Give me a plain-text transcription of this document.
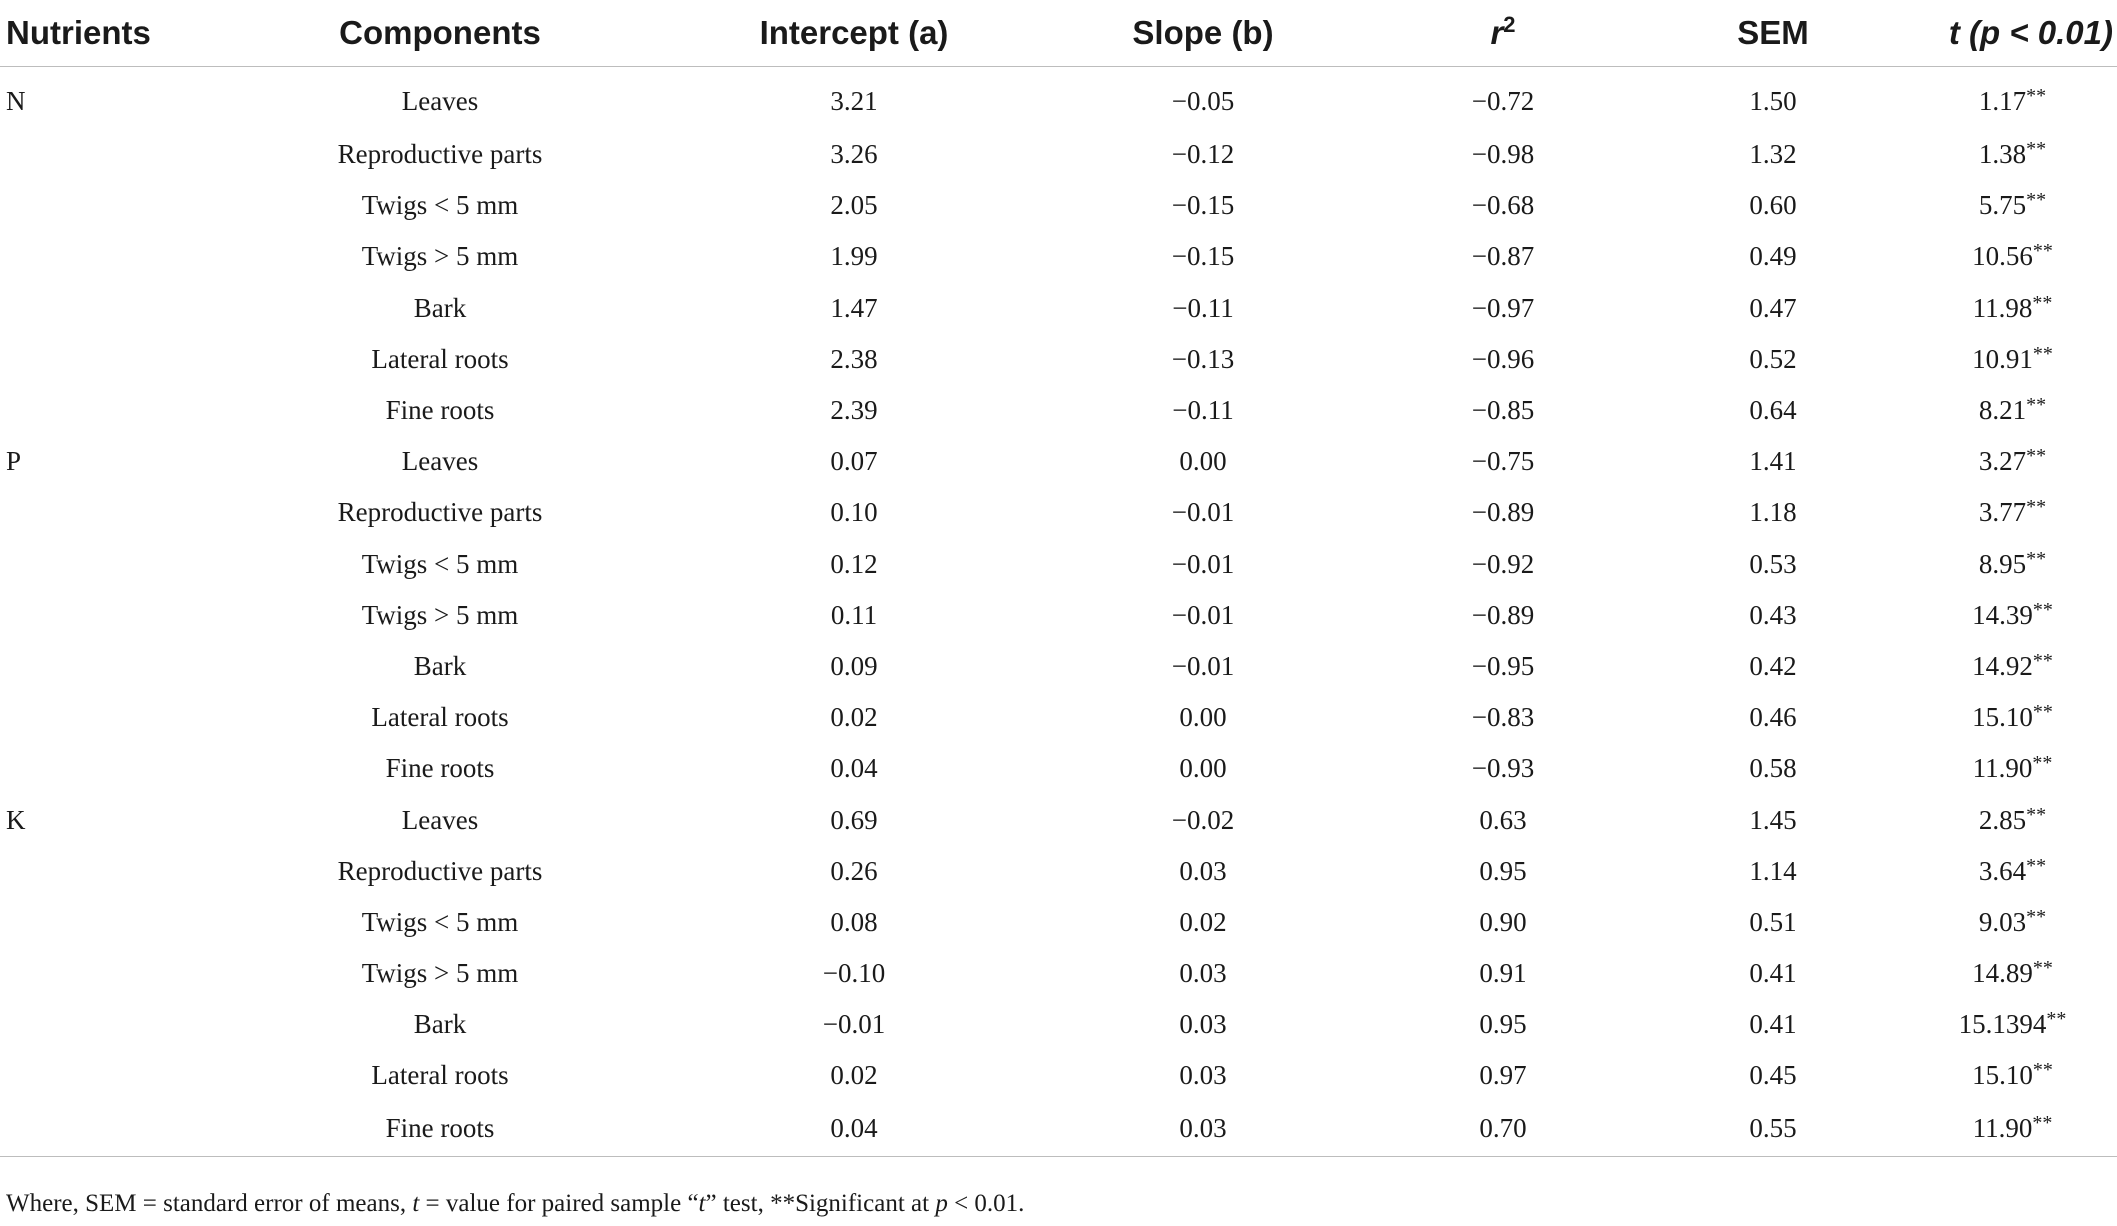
Nutrients	Components	Intercept (a)	Slope (b)	$r^2$	SEM	t (p < 0.01)
N	Leaves	3.21	−0.05	−0.72	1.50	1.17**
	Reproductive parts	3.26	−0.12	−0.98	1.32	1.38**
	Twigs < 5 mm	2.05	−0.15	−0.68	0.60	5.75**
	Twigs > 5 mm	1.99	−0.15	−0.87	0.49	10.56**
	Bark	1.47	−0.11	−0.97	0.47	11.98**
	Lateral roots	2.38	−0.13	−0.96	0.52	10.91**
	Fine roots	2.39	−0.11	−0.85	0.64	8.21**
P	Leaves	0.07	0.00	−0.75	1.41	3.27**
	Reproductive parts	0.10	−0.01	−0.89	1.18	3.77**
	Twigs < 5 mm	0.12	−0.01	−0.92	0.53	8.95**
	Twigs > 5 mm	0.11	−0.01	−0.89	0.43	14.39**
	Bark	0.09	−0.01	−0.95	0.42	14.92**
	Lateral roots	0.02	0.00	−0.83	0.46	15.10**
	Fine roots	0.04	0.00	−0.93	0.58	11.90**
K	Leaves	0.69	−0.02	0.63	1.45	2.85**
	Reproductive parts	0.26	0.03	0.95	1.14	3.64**
	Twigs < 5 mm	0.08	0.02	0.90	0.51	9.03**
	Twigs > 5 mm	−0.10	0.03	0.91	0.41	14.89**
	Bark	−0.01	0.03	0.95	0.41	15.1394**
	Lateral roots	0.02	0.03	0.97	0.45	15.10**
	Fine roots	0.04	0.03	0.70	0.55	11.90**
Where, SEM = standard error of means, t = value for paired sample “t” test, **Significant at p < 0.01.
